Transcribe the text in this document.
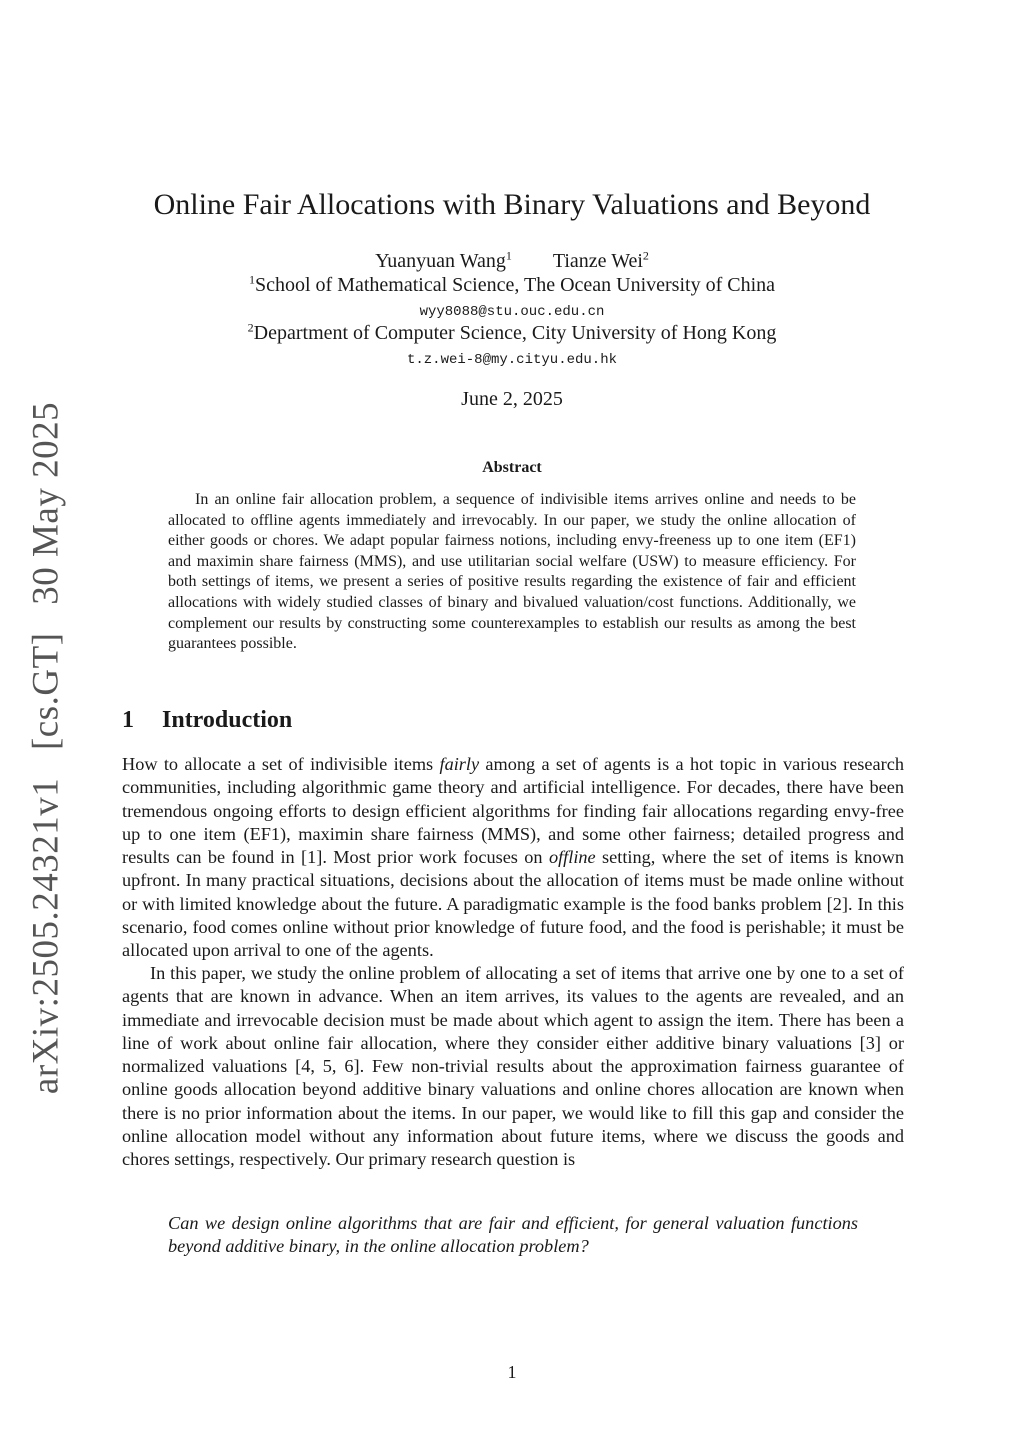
arXiv:2505.24321v1 [cs.GT] 30 May 2025
Online Fair Allocations with Binary Valuations and Beyond
Yuanyuan Wang$^1$ Tianze Wei$^2$
$^1$School of Mathematical Science, The Ocean University of China
wyy8088@stu.ouc.edu.cn
$^2$Department of Computer Science, City University of Hong Kong
t.z.wei-8@my.cityu.edu.hk
June 2, 2025
Abstract

In an online fair allocation problem, a sequence of indivisible items arrives online and needs to be allocated to offline agents immediately and irrevocably. In our paper, we study the online allocation of either goods or chores. We adapt popular fairness notions, including envy-freeness up to one item (EF1) and maximin share fairness (MMS), and use utilitarian social welfare (USW) to measure efficiency. For both settings of items, we present a series of positive results regarding the existence of fair and efficient allocations with widely studied classes of binary and bivalued valuation/cost functions. Additionally, we complement our results by constructing some counterexamples to establish our results as among the best guarantees possible.

1 Introduction

How to allocate a set of indivisible items fairly among a set of agents is a hot topic in various research communities, including algorithmic game theory and artificial intelligence. For decades, there have been tremendous ongoing efforts to design efficient algorithms for finding fair allocations regarding envy-free up to one item (EF1), maximin share fairness (MMS), and some other fairness; detailed progress and results can be found in [1]. Most prior work focuses on offline setting, where the set of items is known upfront. In many practical situations, decisions about the allocation of items must be made online without or with limited knowledge about the future. A paradigmatic example is the food banks problem [2]. In this scenario, food comes online without prior knowledge of future food, and the food is perishable; it must be allocated upon arrival to one of the agents.

In this paper, we study the online problem of allocating a set of items that arrive one by one to a set of agents that are known in advance. When an item arrives, its values to the agents are revealed, and an immediate and irrevocable decision must be made about which agent to assign the item. There has been a line of work about online fair allocation, where they consider either additive binary valuations [3] or normalized valuations [4, 5, 6]. Few non-trivial results about the approximation fairness guarantee of online goods allocation beyond additive binary valuations and online chores allocation are known when there is no prior information about the items. In our paper, we would like to fill this gap and consider the online allocation model without any information about future items, where we discuss the goods and chores settings, respectively. Our primary research question is

Can we design online algorithms that are fair and efficient, for general valuation functions beyond additive binary, in the online allocation problem?

1
